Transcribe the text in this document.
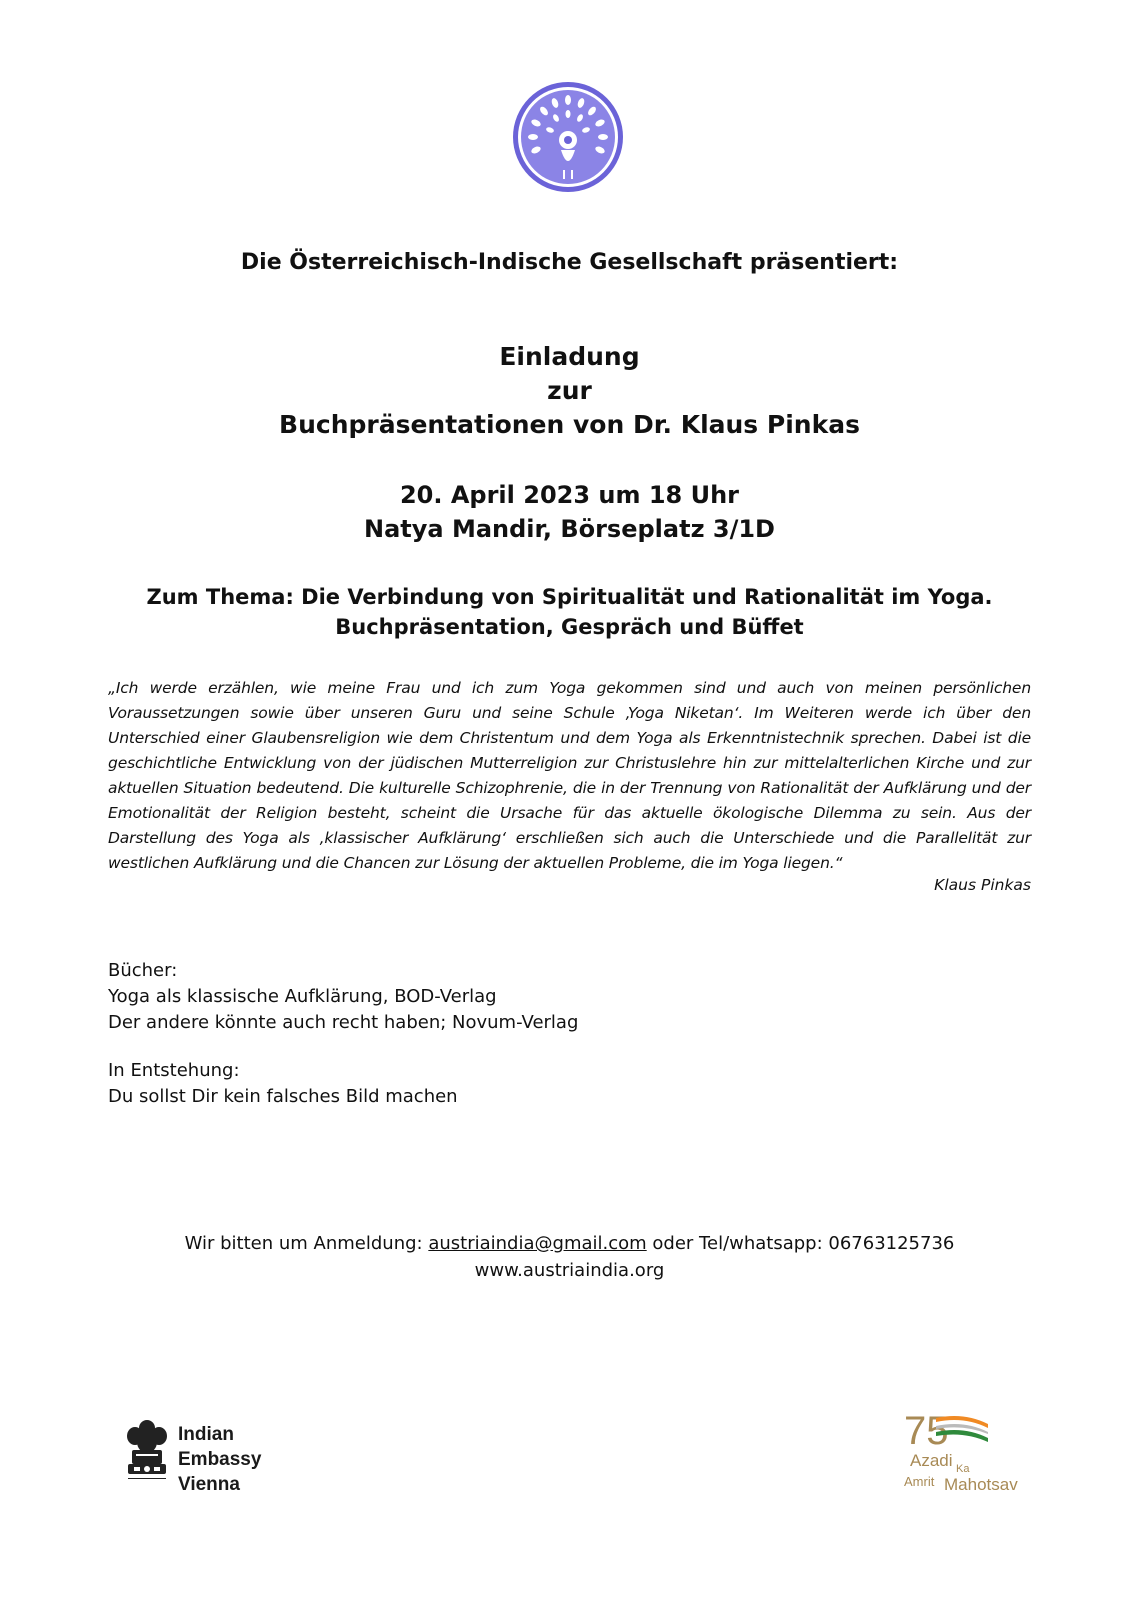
Die Österreichisch-Indische Gesellschaft präsentiert:
Einladung
zur
Buchpräsentationen von Dr. Klaus Pinkas
20. April 2023 um 18 Uhr
Natya Mandir, Börseplatz 3/1D
Zum Thema: Die Verbindung von Spiritualität und Rationalität im Yoga.
Buchpräsentation, Gespräch und Büffet
„Ich werde erzählen, wie meine Frau und ich zum Yoga gekommen sind und auch von meinen persönlichen Voraussetzungen sowie über unseren Guru und seine Schule ‚Yoga Niketan‘. Im Weiteren werde ich über den Unterschied einer Glaubensreligion wie dem Christentum und dem Yoga als Erkenntnistechnik sprechen. Dabei ist die geschichtliche Entwicklung von der jüdischen Mutterreligion zur Christuslehre hin zur mittelalterlichen Kirche und zur aktuellen Situation bedeutend. Die kulturelle Schizophrenie, die in der Trennung von Rationalität der Aufklärung und der Emotionalität der Religion besteht, scheint die Ursache für das aktuelle ökologische Dilemma zu sein. Aus der Darstellung des Yoga als ‚klassischer Aufklärung‘ erschließen sich auch die Unterschiede und die Parallelität zur westlichen Aufklärung und die Chancen zur Lösung der aktuellen Probleme, die im Yoga liegen.“
Klaus Pinkas

Bücher:

Yoga als klassische Aufklärung, BOD-Verlag

Der andere könnte auch recht haben; Novum-Verlag

In Entstehung:

Du sollst Dir kein falsches Bild machen

Wir bitten um Anmeldung: austriaindia@gmail.com oder Tel/whatsapp: 06763125736
www.austriaindia.org
Indian
Embassy
Vienna
75
Azadi Ka
Amrit Mahotsav
